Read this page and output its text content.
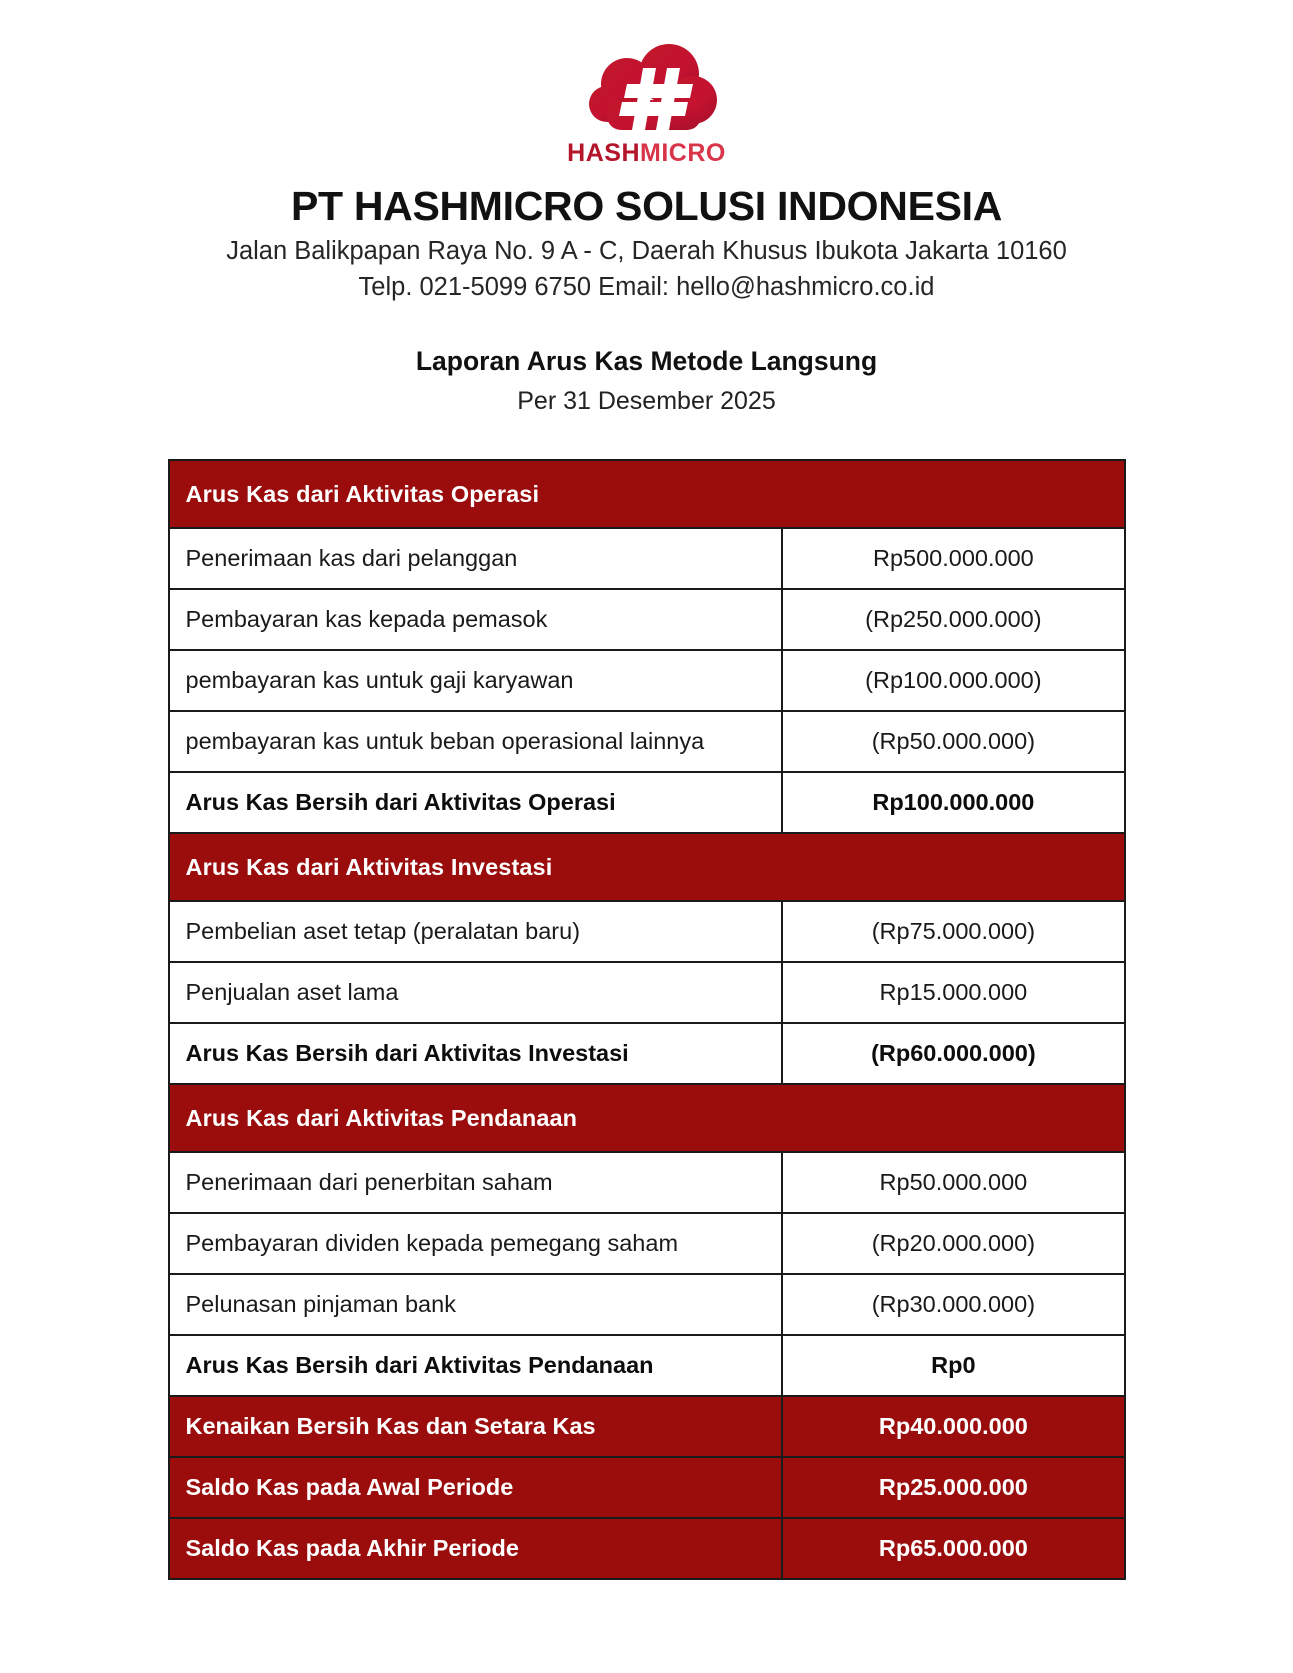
HASHMICRO
PT HASHMICRO SOLUSI INDONESIA
Jalan Balikpapan Raya No. 9 A - C, Daerah Khusus Ibukota Jakarta 10160
Telp. 021-5099 6750 Email: hello@hashmicro.co.id
Laporan Arus Kas Metode Langsung
Per 31 Desember 2025
Arus Kas dari Aktivitas Operasi	
Penerimaan kas dari pelanggan	Rp500.000.000
Pembayaran kas kepada pemasok	(Rp250.000.000)
pembayaran kas untuk gaji karyawan	(Rp100.000.000)
pembayaran kas untuk beban operasional lainnya	(Rp50.000.000)
Arus Kas Bersih dari Aktivitas Operasi	Rp100.000.000
Arus Kas dari Aktivitas Investasi	
Pembelian aset tetap (peralatan baru)	(Rp75.000.000)
Penjualan aset lama	Rp15.000.000
Arus Kas Bersih dari Aktivitas Investasi	(Rp60.000.000)
Arus Kas dari Aktivitas Pendanaan	
Penerimaan dari penerbitan saham	Rp50.000.000
Pembayaran dividen kepada pemegang saham	(Rp20.000.000)
Pelunasan pinjaman bank	(Rp30.000.000)
Arus Kas Bersih dari Aktivitas Pendanaan	Rp0
Kenaikan Bersih Kas dan Setara Kas	Rp40.000.000
Saldo Kas pada Awal Periode	Rp25.000.000
Saldo Kas pada Akhir Periode	Rp65.000.000
